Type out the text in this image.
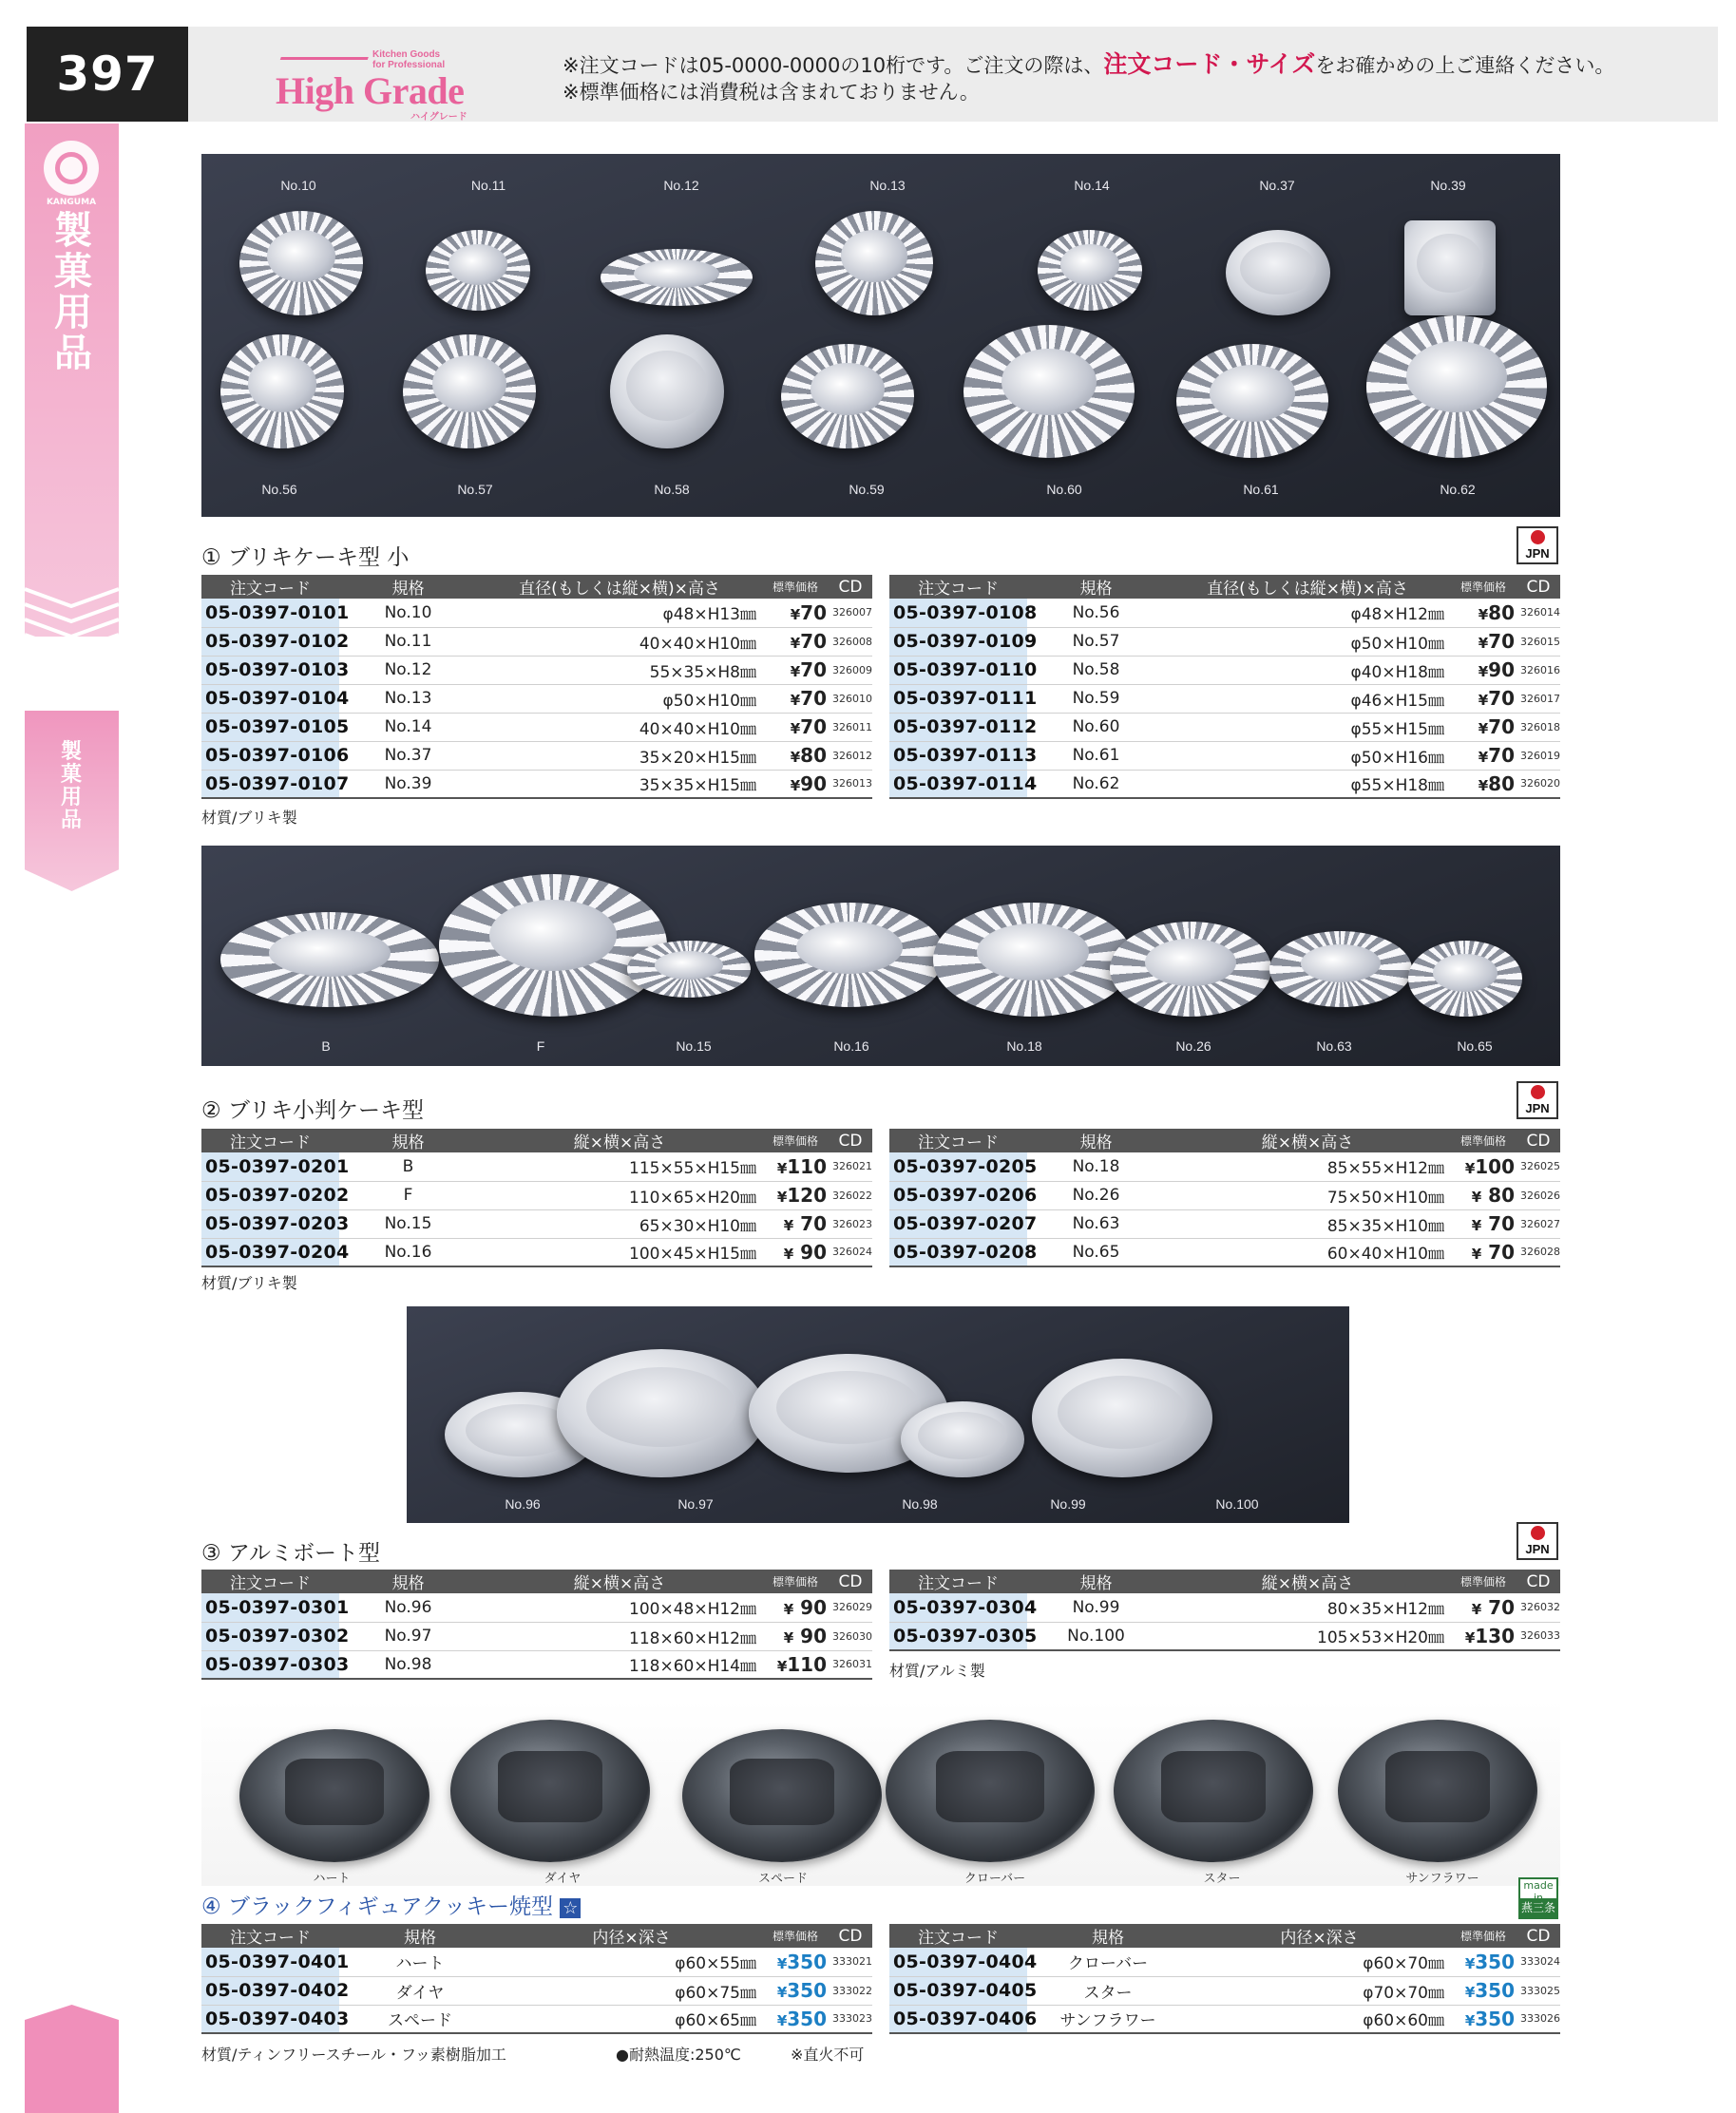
397	Kitchen Goods
for Professional
High Grade
ハイグレード
※注文コードは05-0000-0000の10桁です。ご注文の際は、注文コード・サイズをお確かめの上ご連絡ください。
※標準価格には消費税は含まれておりません。
KANGUMA
製菓用品
製菓用品
No.10	No.11	No.12	No.13	No.14	No.37	No.39
No.56	No.57	No.58	No.59	No.60	No.61	No.62
① ブリキケーキ型 小	JPN
注文コード	規格	直径(もしくは縦×横)×高さ	標準価格	CD
05-0397-0101	No.10	φ48×H13㎜	¥70	326007
05-0397-0102	No.11	40×40×H10㎜	¥70	326008
05-0397-0103	No.12	55×35×H8㎜	¥70	326009
05-0397-0104	No.13	φ50×H10㎜	¥70	326010
05-0397-0105	No.14	40×40×H10㎜	¥70	326011
05-0397-0106	No.37	35×20×H15㎜	¥80	326012
05-0397-0107	No.39	35×35×H15㎜	¥90	326013
注文コード	規格	直径(もしくは縦×横)×高さ	標準価格	CD
05-0397-0108	No.56	φ48×H12㎜	¥80	326014
05-0397-0109	No.57	φ50×H10㎜	¥70	326015
05-0397-0110	No.58	φ40×H18㎜	¥90	326016
05-0397-0111	No.59	φ46×H15㎜	¥70	326017
05-0397-0112	No.60	φ55×H15㎜	¥70	326018
05-0397-0113	No.61	φ50×H16㎜	¥70	326019
05-0397-0114	No.62	φ55×H18㎜	¥80	326020
材質/ブリキ製
B	F	No.15	No.16	No.18	No.26	No.63	No.65
② ブリキ小判ケーキ型	JPN
注文コード	規格	縦×横×高さ	標準価格	CD
05-0397-0201	B	115×55×H15㎜	¥110	326021
05-0397-0202	F	110×65×H20㎜	¥120	326022
05-0397-0203	No.15	65×30×H10㎜	¥ 70	326023
05-0397-0204	No.16	100×45×H15㎜	¥ 90	326024
注文コード	規格	縦×横×高さ	標準価格	CD
05-0397-0205	No.18	85×55×H12㎜	¥100	326025
05-0397-0206	No.26	75×50×H10㎜	¥ 80	326026
05-0397-0207	No.63	85×35×H10㎜	¥ 70	326027
05-0397-0208	No.65	60×40×H10㎜	¥ 70	326028
材質/ブリキ製
No.96	No.97	No.98	No.99	No.100
③ アルミボート型	JPN
注文コード	規格	縦×横×高さ	標準価格	CD
05-0397-0301	No.96	100×48×H12㎜	¥ 90	326029
05-0397-0302	No.97	118×60×H12㎜	¥ 90	326030
05-0397-0303	No.98	118×60×H14㎜	¥110	326031
注文コード	規格	縦×横×高さ	標準価格	CD
05-0397-0304	No.99	80×35×H12㎜	¥ 70	326032
05-0397-0305	No.100	105×53×H20㎜	¥130	326033
材質/アルミ製
ハート	ダイヤ	スペード	クローバー	スター	サンフラワー
④ ブラックフィギュアクッキー焼型 ☆
made
燕三条
注文コード	規格	内径×深さ	標準価格	CD
05-0397-0401	ハート	φ60×55㎜	¥350	333021
05-0397-0402	ダイヤ	φ60×75㎜	¥350	333022
05-0397-0403	スペード	φ60×65㎜	¥350	333023
注文コード	規格	内径×深さ	標準価格	CD
05-0397-0404	クローバー	φ60×70㎜	¥350	333024
05-0397-0405	スター	φ70×70㎜	¥350	333025
05-0397-0406	サンフラワー	φ60×60㎜	¥350	333026
材質/ティンフリースチール・フッ素樹脂加工	●耐熱温度:250℃	※直火不可
